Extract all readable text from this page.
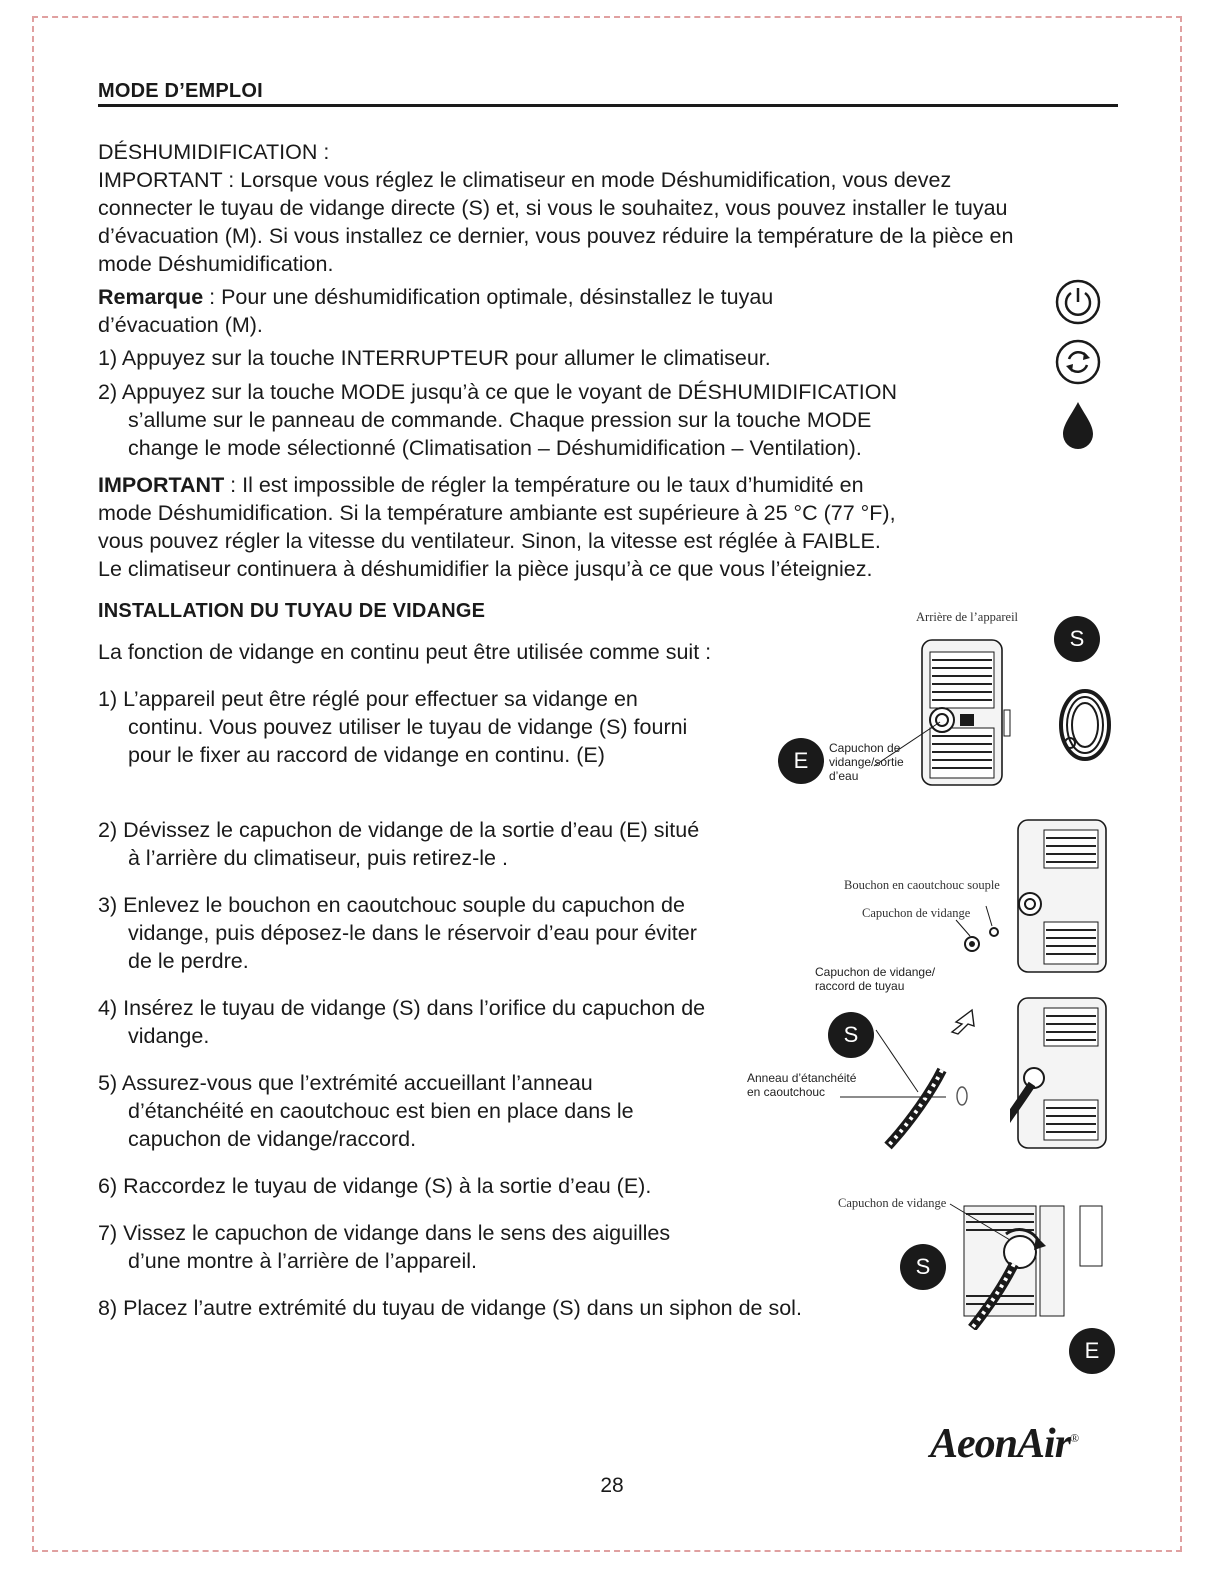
MODE D’EMPLOI
DÉSHUMIDIFICATION :
IMPORTANT : Lorsque vous réglez le climatiseur en mode Déshumidification, vous devez
connecter le tuyau de vidange directe (S) et, si vous le souhaitez, vous pouvez installer le tuyau
d’évacuation (M). Si vous installez ce dernier, vous pouvez réduire la température de la pièce en
mode Déshumidification.
Remarque : Pour une déshumidification optimale, désinstallez le tuyau
d’évacuation (M).
1) Appuyez sur la touche INTERRUPTEUR pour allumer le climatiseur.
2) Appuyez sur la touche MODE jusqu’à ce que le voyant de DÉSHUMIDIFICATION
s’allume sur le panneau de commande. Chaque pression sur la touche MODE
change le mode sélectionné (Climatisation – Déshumidification – Ventilation).
IMPORTANT : Il est impossible de régler la température ou le taux d’humidité en
mode Déshumidification. Si la température ambiante est supérieure à 25 °C (77 °F),
vous pouvez régler la vitesse du ventilateur. Sinon, la vitesse est réglée à FAIBLE.
Le climatiseur continuera à déshumidifier la pièce jusqu’à ce que vous l’éteigniez.
INSTALLATION DU TUYAU DE VIDANGE
La fonction de vidange en continu peut être utilisée comme suit :
1) L’appareil peut être réglé pour effectuer sa vidange en
continu. Vous pouvez utiliser le tuyau de vidange (S) fourni
pour le fixer au raccord de vidange en continu. (E)
2) Dévissez le capuchon de vidange de la sortie d’eau (E) situé
à l’arrière du climatiseur, puis retirez-le .
3) Enlevez le bouchon en caoutchouc souple du capuchon de
vidange, puis déposez-le dans le réservoir d’eau pour éviter
de le perdre.
4) Insérez le tuyau de vidange (S) dans l’orifice du capuchon de
vidange.
5) Assurez-vous que l’extrémité accueillant l’anneau
d’étanchéité en caoutchouc est bien en place dans le
capuchon de vidange/raccord.
6) Raccordez le tuyau de vidange (S) à la sortie d’eau (E).
7) Vissez le capuchon de vidange dans le sens des aiguilles
d’une montre à l’arrière de l’appareil.
8) Placez l’autre extrémité du tuyau de vidange (S) dans un siphon de sol.
Arrière de l’appareil
S
E	Capuchon de
vidange/sortie
d’eau
Bouchon en caoutchouc souple
Capuchon de vidange
Capuchon de vidange/
raccord de tuyau
S
Anneau d’étanchéité
en caoutchouc
Capuchon de vidange
S
E
AeonAir®
28
